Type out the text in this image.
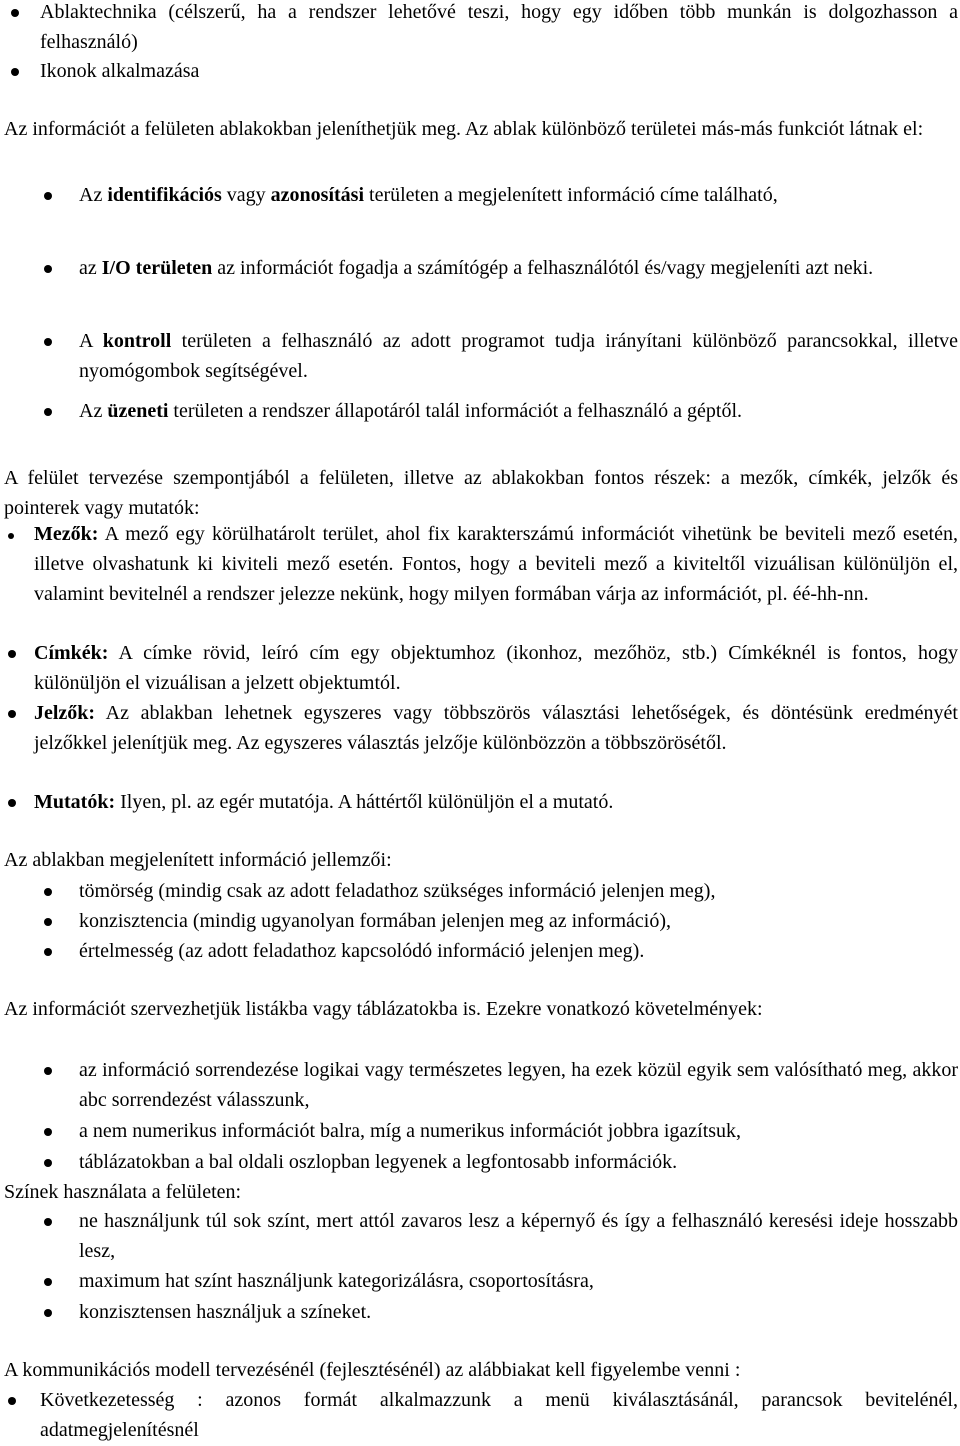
Ablaktechnika (célszerű, ha a rendszer lehetővé teszi, hogy egy időben több munkán is dolgozhasson a felhasználó)

Ikonok alkalmazása

Az információt a felületen ablakokban jeleníthetjük meg. Az ablak különböző területei más-más funkciót látnak el:

Az identifikációs vagy azonosítási területen a megjelenített információ címe található,

az I/O területen az információt fogadja a számítógép a felhasználótól és/vagy megjeleníti azt neki.

A kontroll területen a felhasználó az adott programot tudja irányítani különböző parancsokkal, illetve nyomógombok segítségével.

Az üzeneti területen a rendszer állapotáról talál információt a felhasználó a géptől.

A felület tervezése szempontjából a felületen, illetve az ablakokban fontos részek: a mezők, címkék, jelzők és pointerek vagy mutatók:

Mezők: A mező egy körülhatárolt terület, ahol fix karakterszámú információt vihetünk be beviteli mező esetén, illetve olvashatunk ki kiviteli mező esetén. Fontos, hogy a beviteli mező a kiviteltől vizuálisan különüljön el, valamint bevitelnél a rendszer jelezze nekünk, hogy milyen formában várja az információt, pl. éé-hh-nn.

Címkék: A címke rövid, leíró cím egy objektumhoz (ikonhoz, mezőhöz, stb.) Címkéknél is fontos, hogy különüljön el vizuálisan a jelzett objektumtól.

Jelzők: Az ablakban lehetnek egyszeres vagy többszörös választási lehetőségek, és döntésünk eredményét jelzőkkel jelenítjük meg. Az egyszeres választás jelzője különbözzön a többszörösétől.

Mutatók: Ilyen, pl. az egér mutatója. A háttértől különüljön el a mutató.

Az ablakban megjelenített információ jellemzői:

tömörség (mindig csak az adott feladathoz szükséges információ jelenjen meg),

konzisztencia (mindig ugyanolyan formában jelenjen meg az információ),

értelmesség (az adott feladathoz kapcsolódó információ jelenjen meg).

Az információt szervezhetjük listákba vagy táblázatokba is. Ezekre vonatkozó követelmények:

az információ sorrendezése logikai vagy természetes legyen, ha ezek közül egyik sem valósítható meg, akkor abc sorrendezést válasszunk,

a nem numerikus információt balra, míg a numerikus információt jobbra igazítsuk,

táblázatokban a bal oldali oszlopban legyenek a legfontosabb információk.

Színek használata a felületen:

ne használjunk túl sok színt, mert attól zavaros lesz a képernyő és így a felhasználó keresési ideje hosszabb lesz,

maximum hat színt használjunk kategorizálásra, csoportosításra,

konzisztensen használjuk a színeket.

A kommunikációs modell tervezésénél (fejlesztésénél) az alábbiakat kell figyelembe venni :

Következetesség : azonos formát alkalmazzunk a menü kiválasztásánál, parancsok bevitelénél, adatmegjelenítésnél
